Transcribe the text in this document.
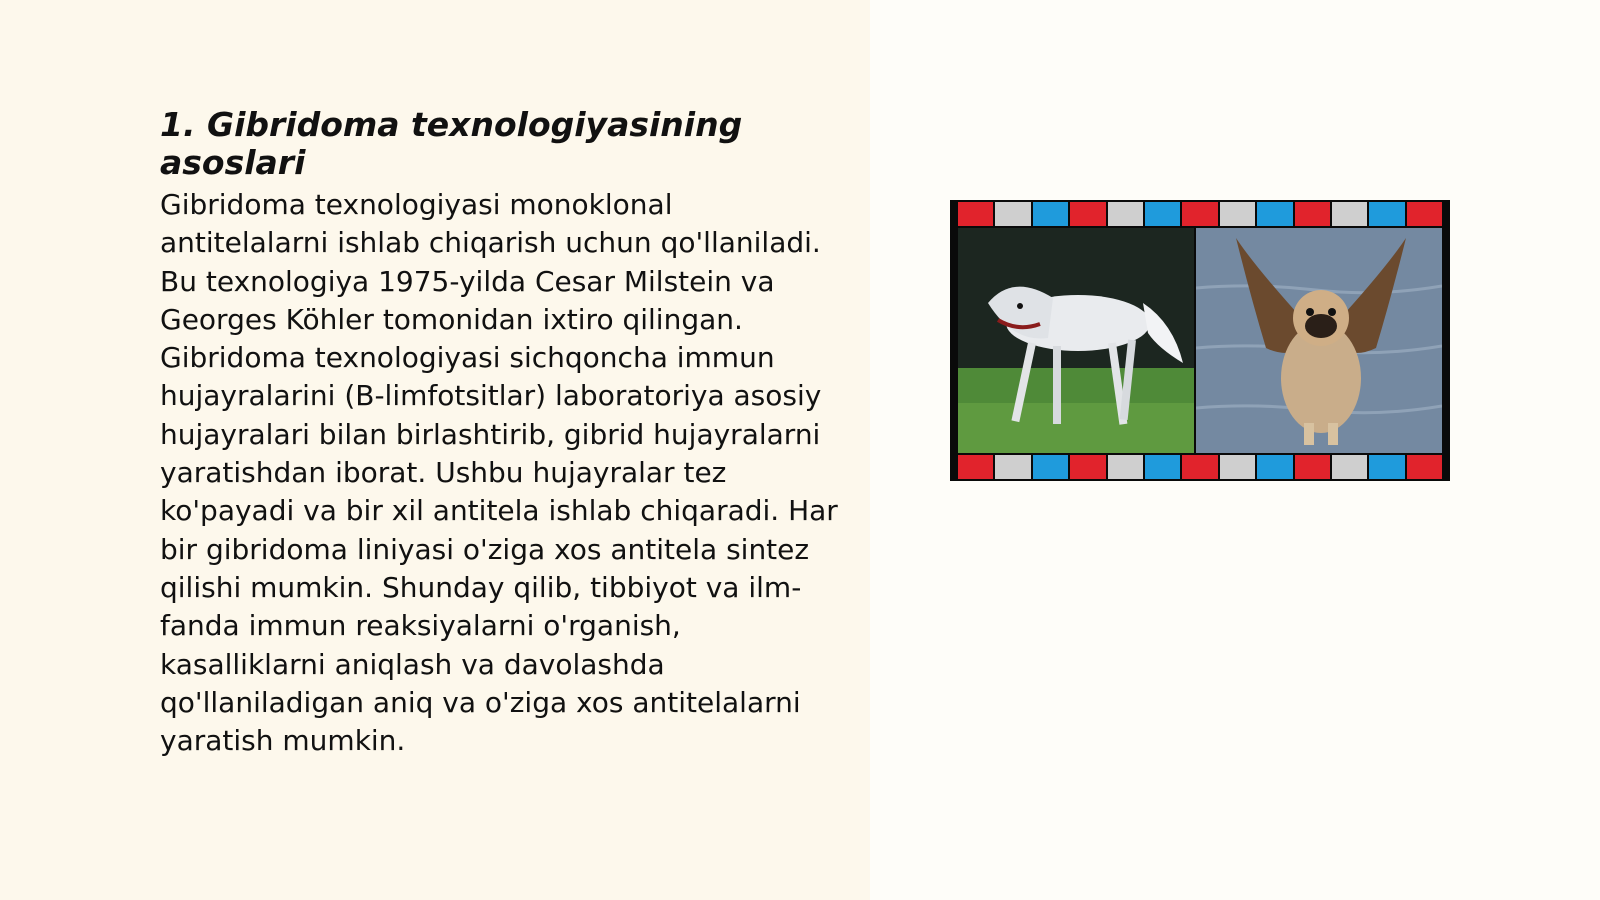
1. Gibridoma texnologiyasining asoslari

Gibridoma texnologiyasi monoklonal antitelalarni ishlab chiqarish uchun qo'llaniladi. Bu texnologiya 1975-yilda Cesar Milstein va Georges Köhler tomonidan ixtiro qilingan. Gibridoma texnologiyasi sichqoncha immun hujayralarini (B-limfotsitlar) laboratoriya asosiy hujayralari bilan birlashtirib, gibrid hujayralarni yaratishdan iborat. Ushbu hujayralar tez ko'payadi va bir xil antitela ishlab chiqaradi. Har bir gibridoma liniyasi o'ziga xos antitela sintez qilishi mumkin. Shunday qilib, tibbiyot va ilm-fanda immun reaksiyalarni o'rganish, kasalliklarni aniqlash va davolashda qo'llaniladigan aniq va o'ziga xos antitelalarni yaratish mumkin.
